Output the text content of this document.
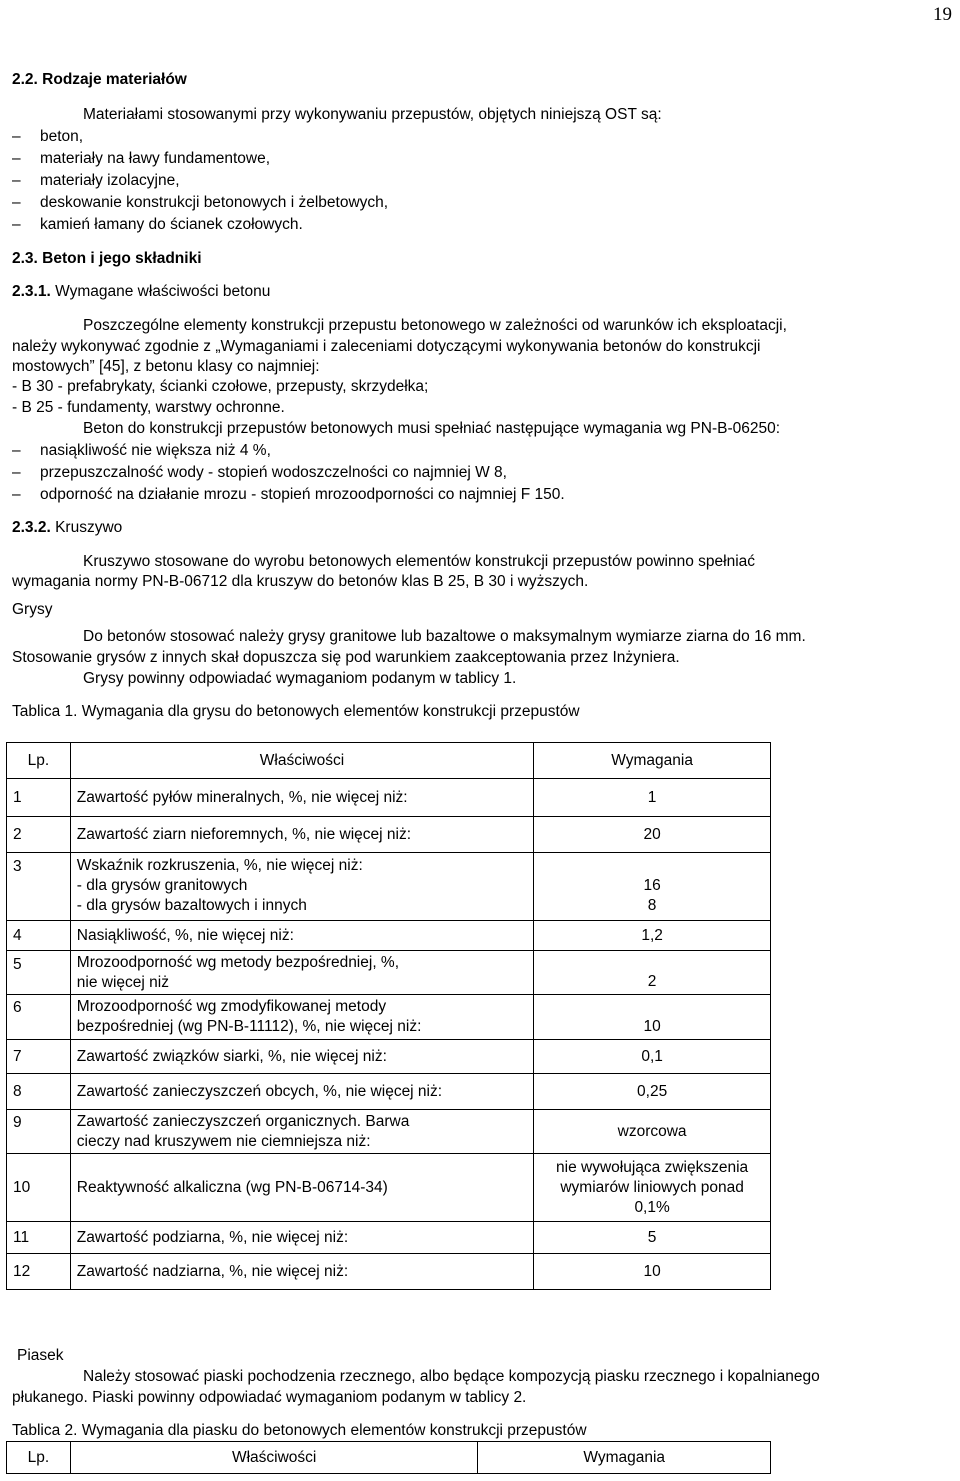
19
2.2. Rodzaje materiałów
Materiałami stosowanymi przy wykonywaniu przepustów, objętych niniejszą OST są:
– beton,
– materiały na ławy fundamentowe,
– materiały izolacyjne,
– deskowanie konstrukcji betonowych i żelbetowych,
– kamień łamany do ścianek czołowych.
2.3. Beton i jego składniki
2.3.1. Wymagane właściwości betonu
Poszczególne elementy konstrukcji przepustu betonowego w zależności od warunków ich eksploatacji,
należy wykonywać zgodnie z „Wymaganiami i zaleceniami dotyczącymi wykonywania betonów do konstrukcji
mostowych” [45], z betonu klasy co najmniej:
- B 30 - prefabrykaty, ścianki czołowe, przepusty, skrzydełka;
- B 25 - fundamenty, warstwy ochronne.
Beton do konstrukcji przepustów betonowych musi spełniać następujące wymagania wg PN-B-06250:
– nasiąkliwość nie większa niż 4 %,
– przepuszczalność wody - stopień wodoszczelności co najmniej W 8,
– odporność na działanie mrozu - stopień mrozoodporności co najmniej F 150.
2.3.2. Kruszywo
Kruszywo stosowane do wyrobu betonowych elementów konstrukcji przepustów powinno spełniać
wymagania normy PN-B-06712 dla kruszyw do betonów klas B 25, B 30 i wyższych.
Grysy
Do betonów stosować należy grysy granitowe lub bazaltowe o maksymalnym wymiarze ziarna do 16 mm.
Stosowanie grysów z innych skał dopuszcza się pod warunkiem zaakceptowania przez Inżyniera.
Grysy powinny odpowiadać wymaganiom podanym w tablicy 1.
Tablica 1. Wymagania dla grysu do betonowych elementów konstrukcji przepustów
Lp.	Właściwości	Wymagania
1	Zawartość pyłów mineralnych, %, nie więcej niż:	1
2	Zawartość ziarn nieforemnych, %, nie więcej niż:	20
3	Wskaźnik rozkruszenia, %, nie więcej niż:
- dla grysów granitowych
- dla grysów bazaltowych i innych	16
8

4	Nasiąkliwość, %, nie więcej niż:	1,2
5	Mrozoodporność wg metody bezpośredniej, %,
nie więcej niż	2
6	Mrozoodporność wg zmodyfikowanej metody
bezpośredniej (wg PN-B-11112), %, nie więcej niż:	10
7	Zawartość związków siarki, %, nie więcej niż:	0,1
8	Zawartość zanieczyszczeń obcych, %, nie więcej niż:	0,25
9	Zawartość zanieczyszczeń organicznych. Barwa
cieczy nad kruszywem nie ciemniejsza niż:	wzorcowa
10	Reaktywność alkaliczna (wg PN-B-06714-34)	nie wywołująca zwiększenia
wymiarów liniowych ponad
0,1%

11	Zawartość podziarna, %, nie więcej niż:	5
12	Zawartość nadziarna, %, nie więcej niż:	10
Piasek
Należy stosować piaski pochodzenia rzecznego, albo będące kompozycją piasku rzecznego i kopalnianego
płukanego. Piaski powinny odpowiadać wymaganiom podanym w tablicy 2.
Tablica 2. Wymagania dla piasku do betonowych elementów konstrukcji przepustów
Lp.	Właściwości	Wymagania
